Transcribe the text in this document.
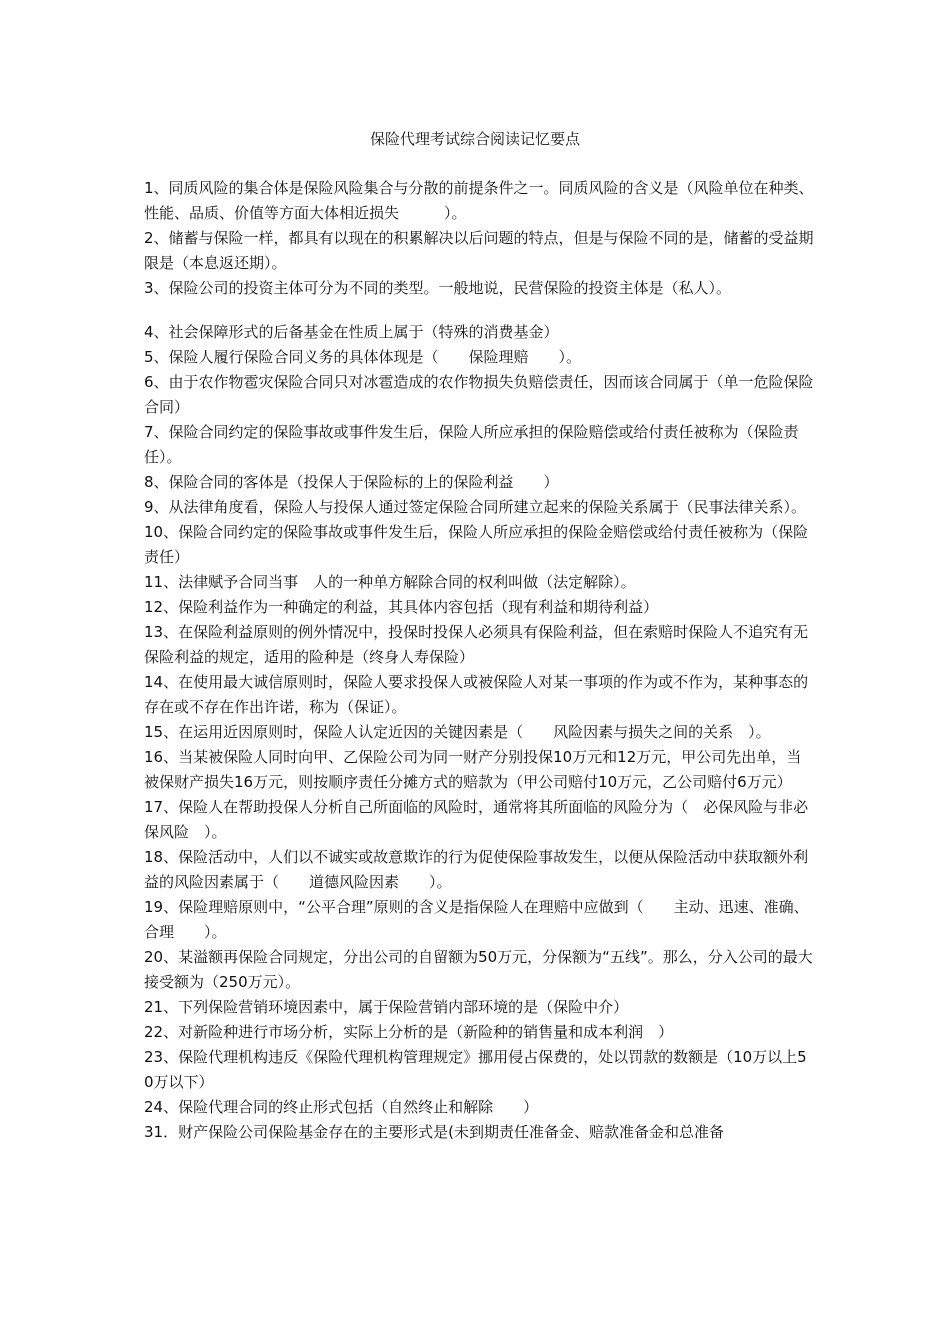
保险代理考试综合阅读记忆要点
1、同质风险的集合体是保险风险集合与分散的前提条件之一。同质风险的含义是（风险单位在种类、性能、品质、价值等方面大体相近损失　　　）。
2、储蓄与保险一样，都具有以现在的积累解决以后问题的特点，但是与保险不同的是，储蓄的受益期限是（本息返还期）。
3、保险公司的投资主体可分为不同的类型。一般地说，民营保险的投资主体是（私人）。
4、社会保障形式的后备基金在性质上属于（特殊的消费基金）
5、保险人履行保险合同义务的具体体现是（　　保险理赔　　）。
6、由于农作物雹灾保险合同只对冰雹造成的农作物损失负赔偿责任，因而该合同属于（单一危险保险合同）
7、保险合同约定的保险事故或事件发生后，保险人所应承担的保险赔偿或给付责任被称为（保险责任）。
8、保险合同的客体是（投保人于保险标的上的保险利益　　）
9、从法律角度看，保险人与投保人通过签定保险合同所建立起来的保险关系属于（民事法律关系）。
10、保险合同约定的保险事故或事件发生后，保险人所应承担的保险金赔偿或给付责任被称为（保险责任）
11、法律赋予合同当事　人的一种单方解除合同的权利叫做（法定解除）。
12、保险利益作为一种确定的利益，其具体内容包括（现有利益和期待利益）
13、在保险利益原则的例外情况中，投保时投保人必须具有保险利益，但在索赔时保险人不追究有无保险利益的规定，适用的险种是（终身人寿保险）
14、在使用最大诚信原则时，保险人要求投保人或被保险人对某一事项的作为或不作为，某种事态的存在或不存在作出许诺，称为（保证）。
15、在运用近因原则时，保险人认定近因的关键因素是（　　风险因素与损失之间的关系　）。
16、当某被保险人同时向甲、乙保险公司为同一财产分别投保10万元和12万元，甲公司先出单，当被保财产损失16万元，则按顺序责任分摊方式的赔款为（甲公司赔付10万元，乙公司赔付6万元）
17、保险人在帮助投保人分析自己所面临的风险时，通常将其所面临的风险分为（　必保风险与非必保风险　）。
18、保险活动中，人们以不诚实或故意欺诈的行为促使保险事故发生，以便从保险活动中获取额外利益的风险因素属于（　　道德风险因素　　）。
19、保险理赔原则中，“公平合理”原则的含义是指保险人在理赔中应做到（　　主动、迅速、准确、合理　　）。
20、某溢额再保险合同规定，分出公司的自留额为50万元，分保额为“五线”。那么，分入公司的最大接受额为（250万元）。
21、下列保险营销环境因素中，属于保险营销内部环境的是（保险中介）
22、对新险种进行市场分析，实际上分析的是（新险种的销售量和成本利润　）
23、保险代理机构违反《保险代理机构管理规定》挪用侵占保费的，处以罚款的数额是（10万以上50万以下）
24、保险代理合同的终止形式包括（自然终止和解除　　）
31．财产保险公司保险基金存在的主要形式是(未到期责任准备金、赔款准备金和总准备
